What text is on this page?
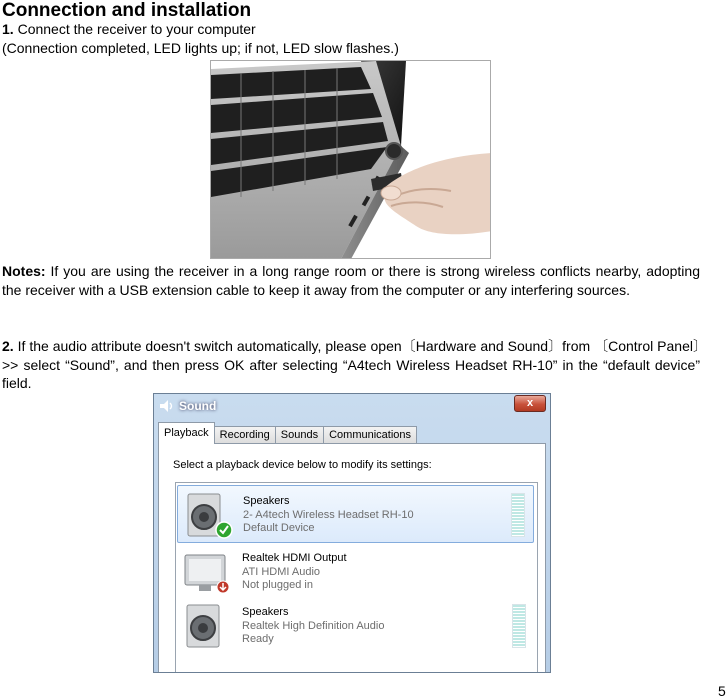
Connection and installation
1. Connect the receiver to your computer
(Connection completed, LED lights up; if not, LED slow flashes.)
Notes: If you are using the receiver in a long range room or there is strong wireless conflicts nearby, adopting the receiver with a USB extension cable to keep it away from the computer or any interfering sources.
2. If the audio attribute doesn't switch automatically, please open〔Hardware and Sound〕from 〔Control Panel〕>> select “Sound”, and then press OK after selecting “A4tech Wireless Headset RH-10” in the “default device” field.
Sound	x
Playback	Recording	Sounds	Communications
Select a playback device below to modify its settings:
Speakers
2- A4tech Wireless Headset RH-10
Default Device
Realtek HDMI Output
ATI HDMI Audio
Not plugged in
Speakers
Realtek High Definition Audio
Ready
5
